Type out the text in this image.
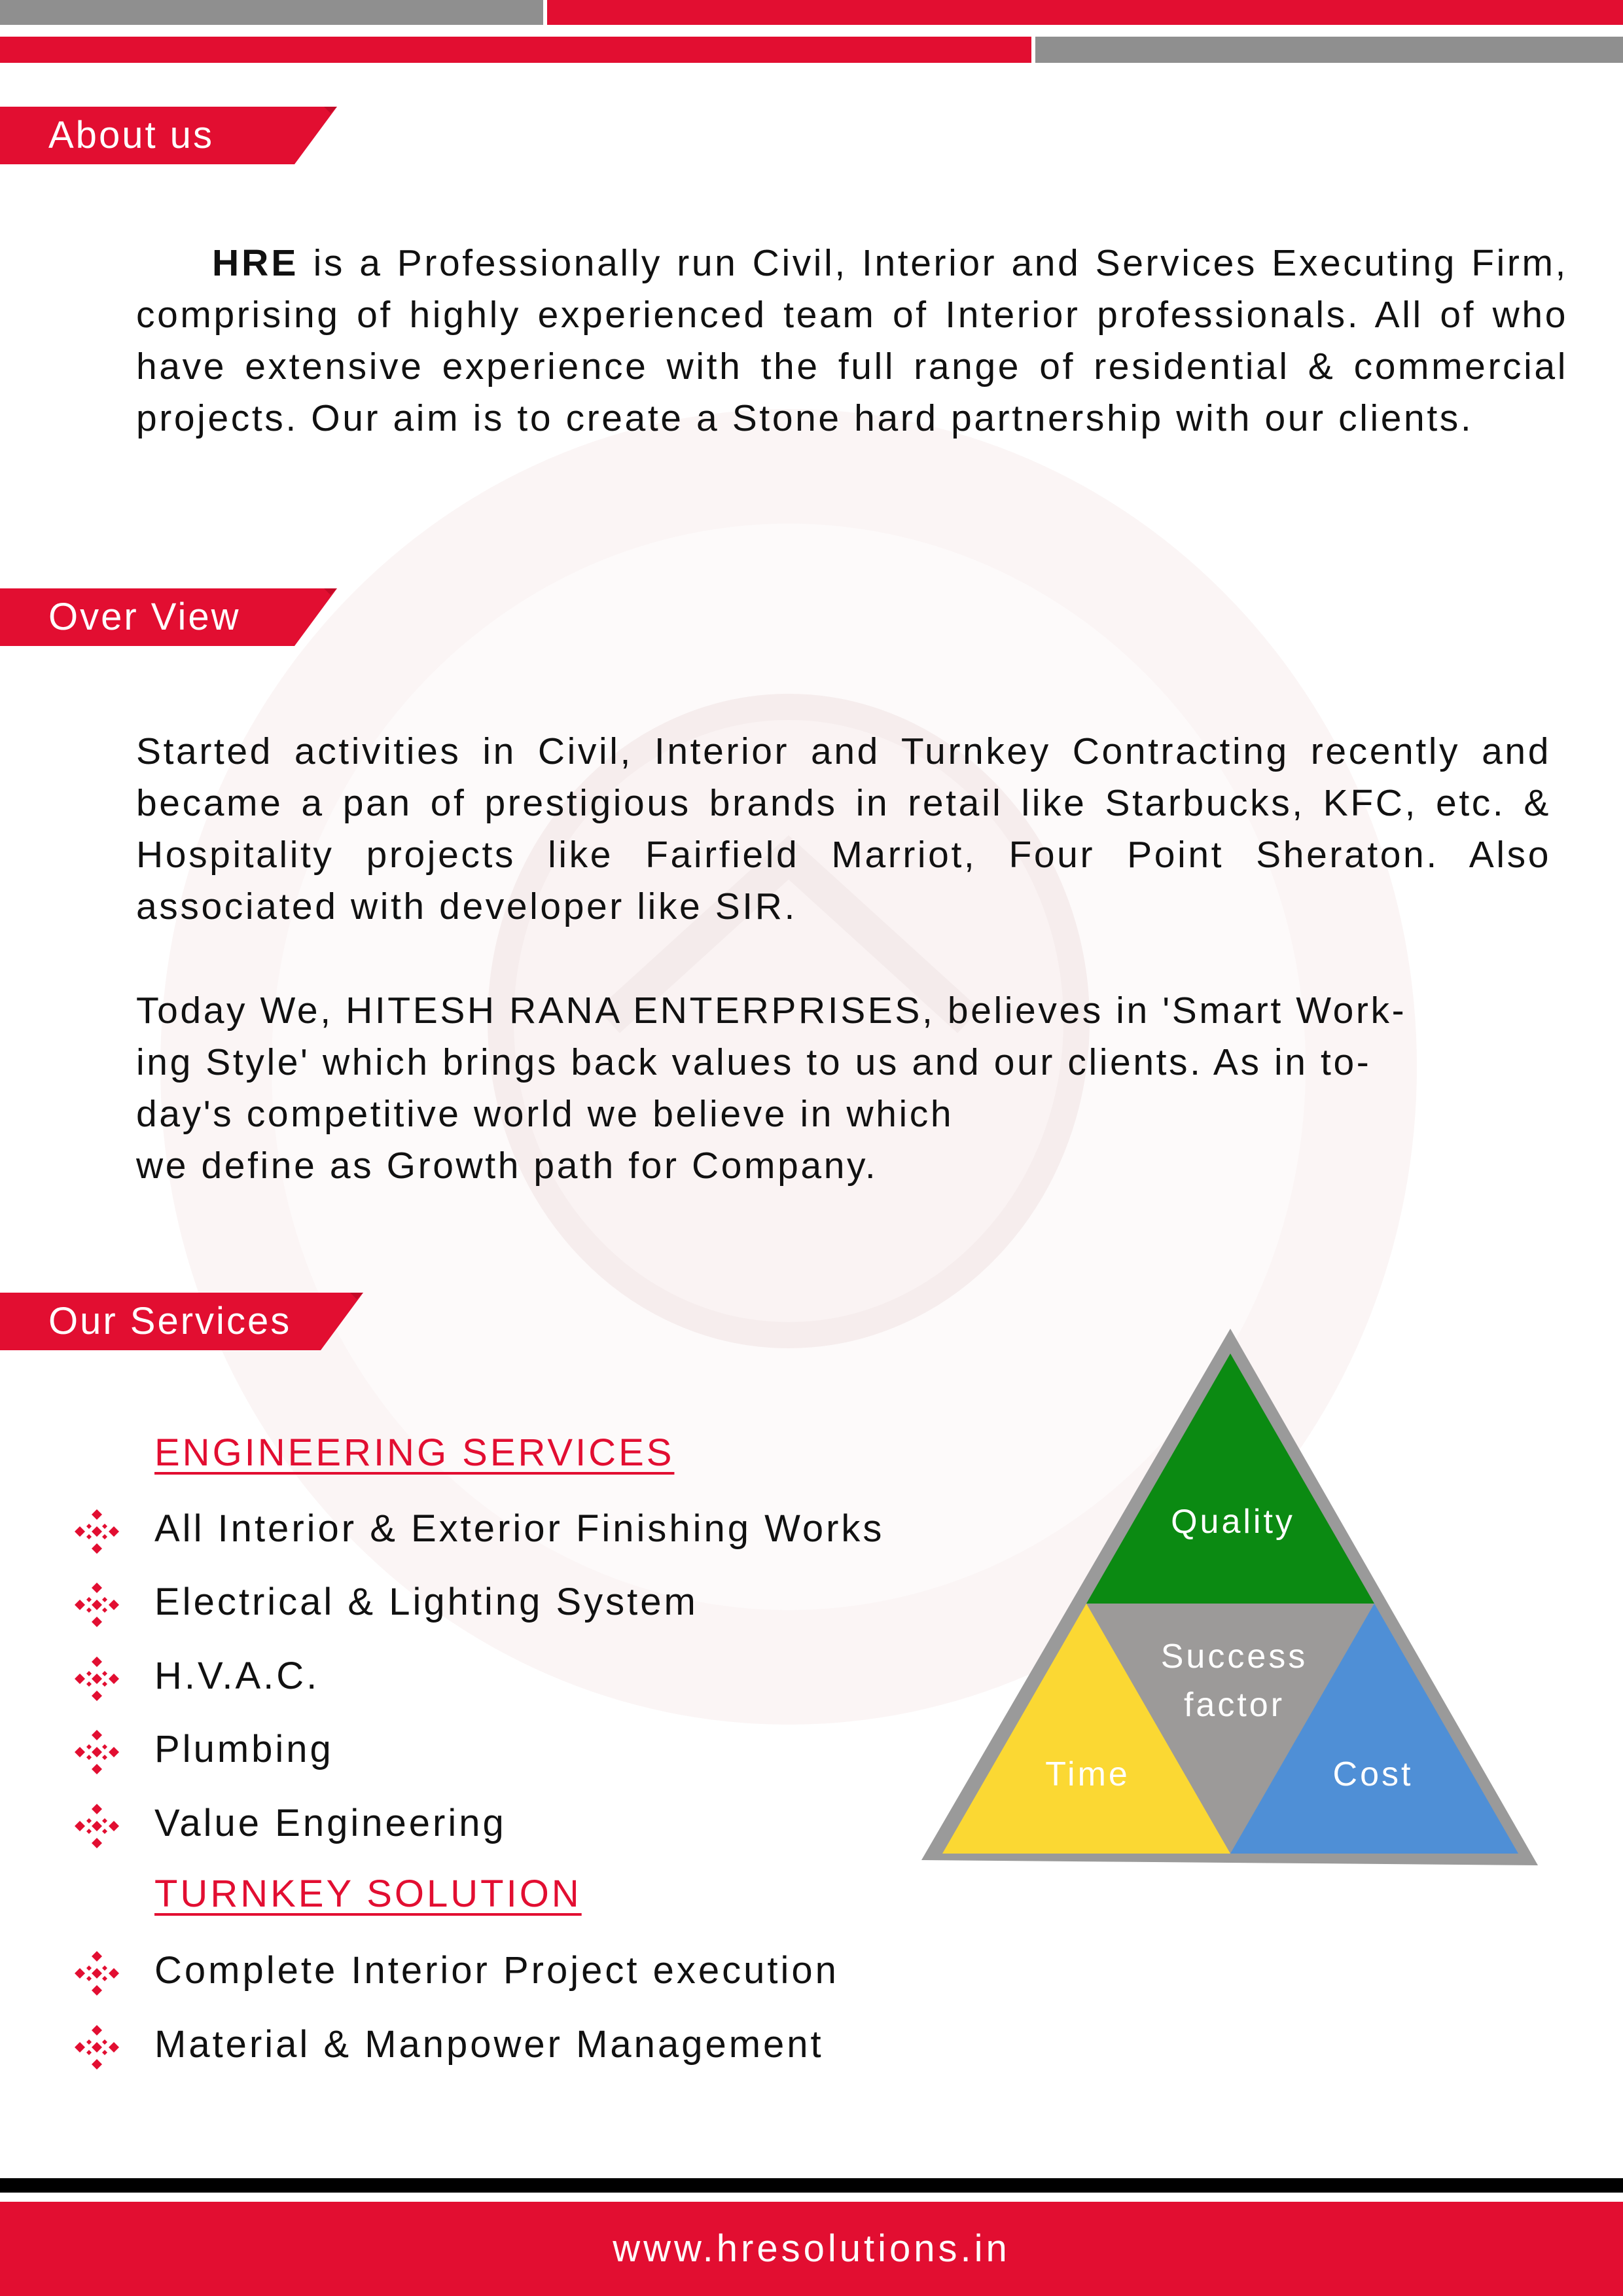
About us

HRE is a Professionally run Civil, Interior and Services Executing Firm, comprising of highly experienced team of Interior professionals. All of who have extensive experience with the full range of residential & commercial projects. Our aim is to create a Stone hard partnership with our clients.

Over View

Started activities in Civil, Interior and Turnkey Contracting recently and became a pan of prestigious brands in retail like Starbucks, KFC, etc. & Hospitality projects like Fairfield Marriot, Four Point Sheraton. Also associated with developer like SIR.

Today We, HITESH RANA ENTERPRISES, believes in 'Smart Work-
ing Style' which brings back values to us and our clients. As in to-
day's competitive world we believe in which
we define as Growth path for Company.
Our Services
ENGINEERING SERVICES
All Interior & Exterior Finishing Works
Electrical & Lighting System
H.V.A.C.
Plumbing
Value Engineering
TURNKEY SOLUTION
Complete Interior Project execution
Material & Manpower Management
Quality
Success
factor
Time	Cost
www.hresolutions.in
